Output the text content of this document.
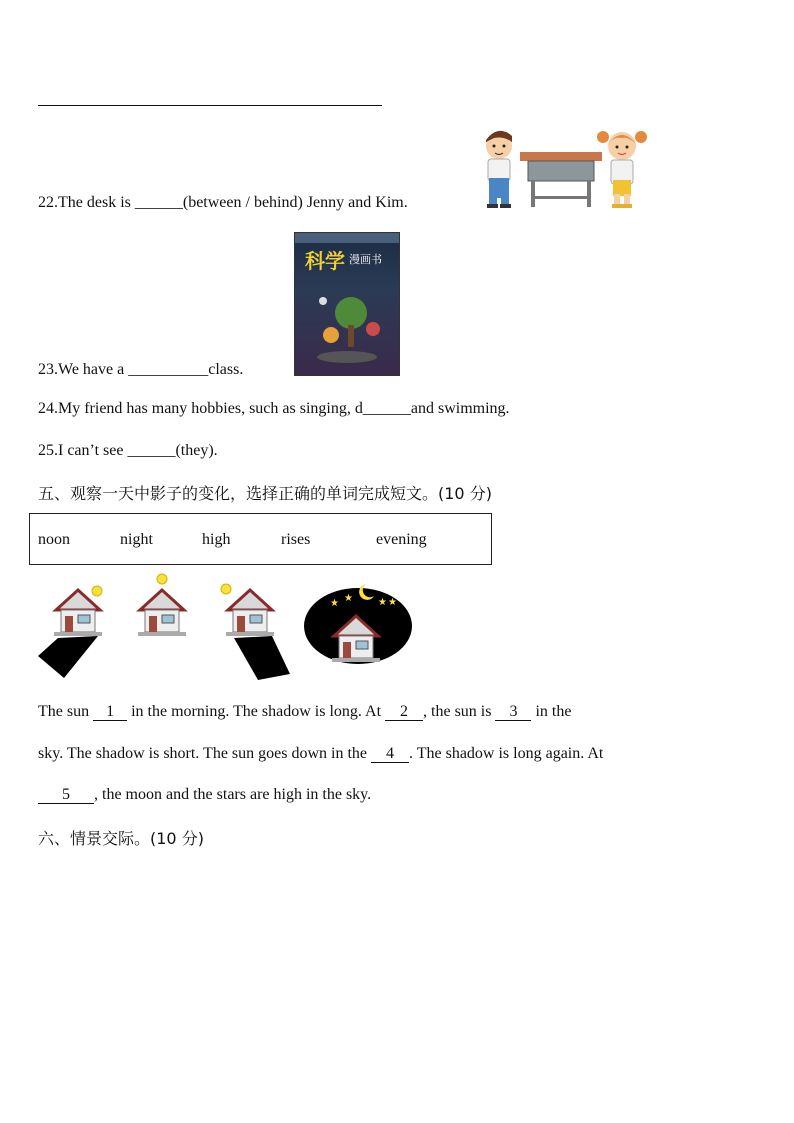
22.The desk is ______(between / behind) Jenny and Kim.
科学 漫画书
23.We have a __________class.
24.My friend has many hobbies, such as singing, d______and swimming.
25.I can’t see ______(they).
五、观察一天中影子的变化，选择正确的单词完成短文。(10 分)
noon	night	high	rises	evening
★ ★	★ ★
The sun 1 in the morning. The shadow is long. At 2 , the sun is 3 in the
sky. The shadow is short. The sun goes down in the 4 . The shadow is long again. At
5 , the moon and the stars are high in the sky.
六、情景交际。(10 分)
